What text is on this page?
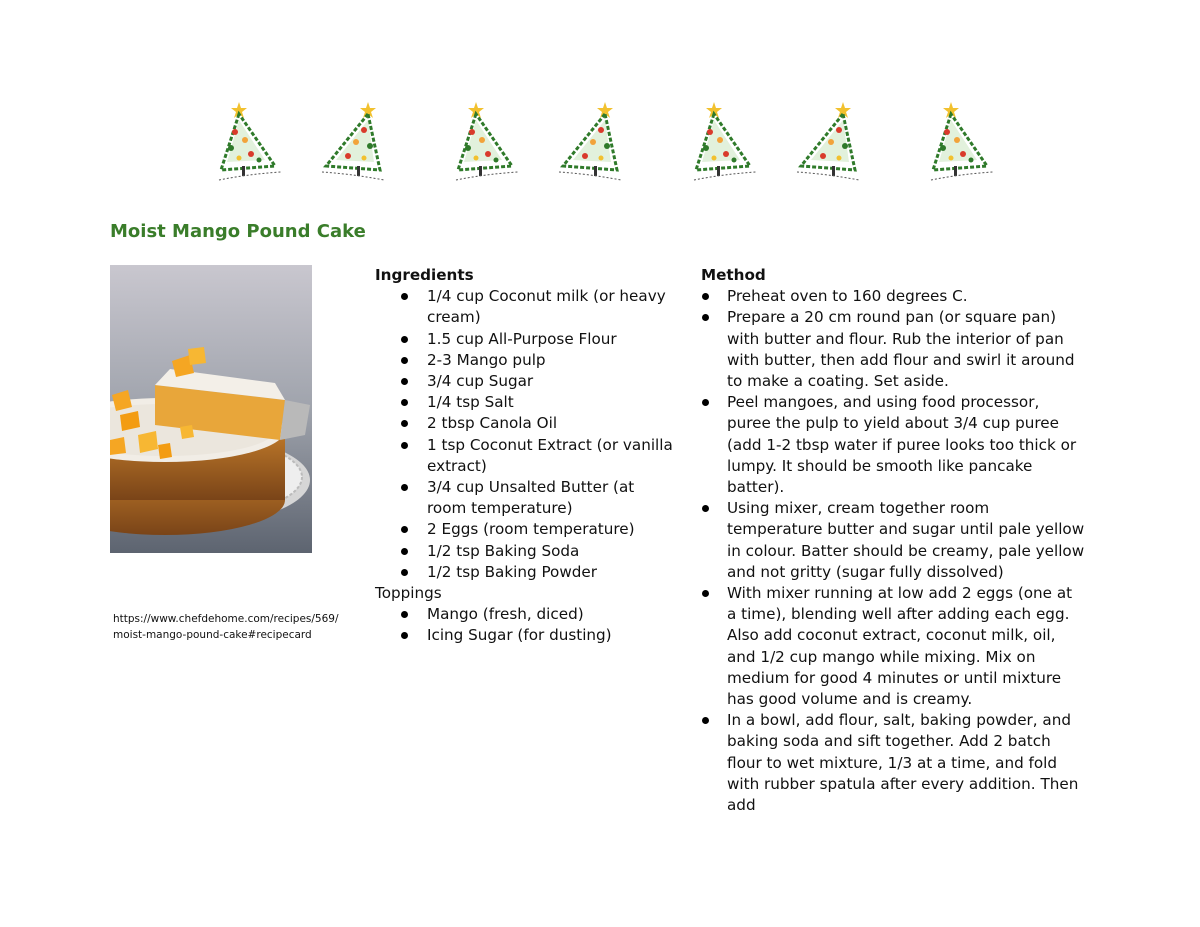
Moist Mango Pound Cake
https://www.chefdehome.com/recipes/569/moist-mango-pound-cake#recipecard

Ingredients

1/4 cup Coconut milk (or heavy cream)
1.5 cup All-Purpose Flour
2-3 Mango pulp
3/4 cup Sugar
1/4 tsp Salt
2 tbsp Canola Oil
1 tsp Coconut Extract (or vanilla extract)
3/4 cup Unsalted Butter (at room temperature)
2 Eggs (room temperature)
1/2 tsp Baking Soda
1/2 tsp Baking Powder

Toppings

Mango (fresh, diced)
Icing Sugar (for dusting)

Method

Preheat oven to 160 degrees C.
Prepare a 20 cm round pan (or square pan) with butter and flour. Rub the interior of pan with butter, then add flour and swirl it around to make a coating. Set aside.
Peel mangoes, and using food processor, puree the pulp to yield about 3/4 cup puree (add 1-2 tbsp water if puree looks too thick or lumpy. It should be smooth like pancake batter).
Using mixer, cream together room temperature butter and sugar until pale yellow in colour. Batter should be creamy, pale yellow and not gritty (sugar fully dissolved)
With mixer running at low add 2 eggs (one at a time), blending well after adding each egg. Also add coconut extract, coconut milk, oil, and 1/2 cup mango while mixing. Mix on medium for good 4 minutes or until mixture has good volume and is creamy.
In a bowl, add flour, salt, baking powder, and baking soda and sift together. Add 2 batch flour to wet mixture, 1/3 at a time, and fold with rubber spatula after every addition. Then add
